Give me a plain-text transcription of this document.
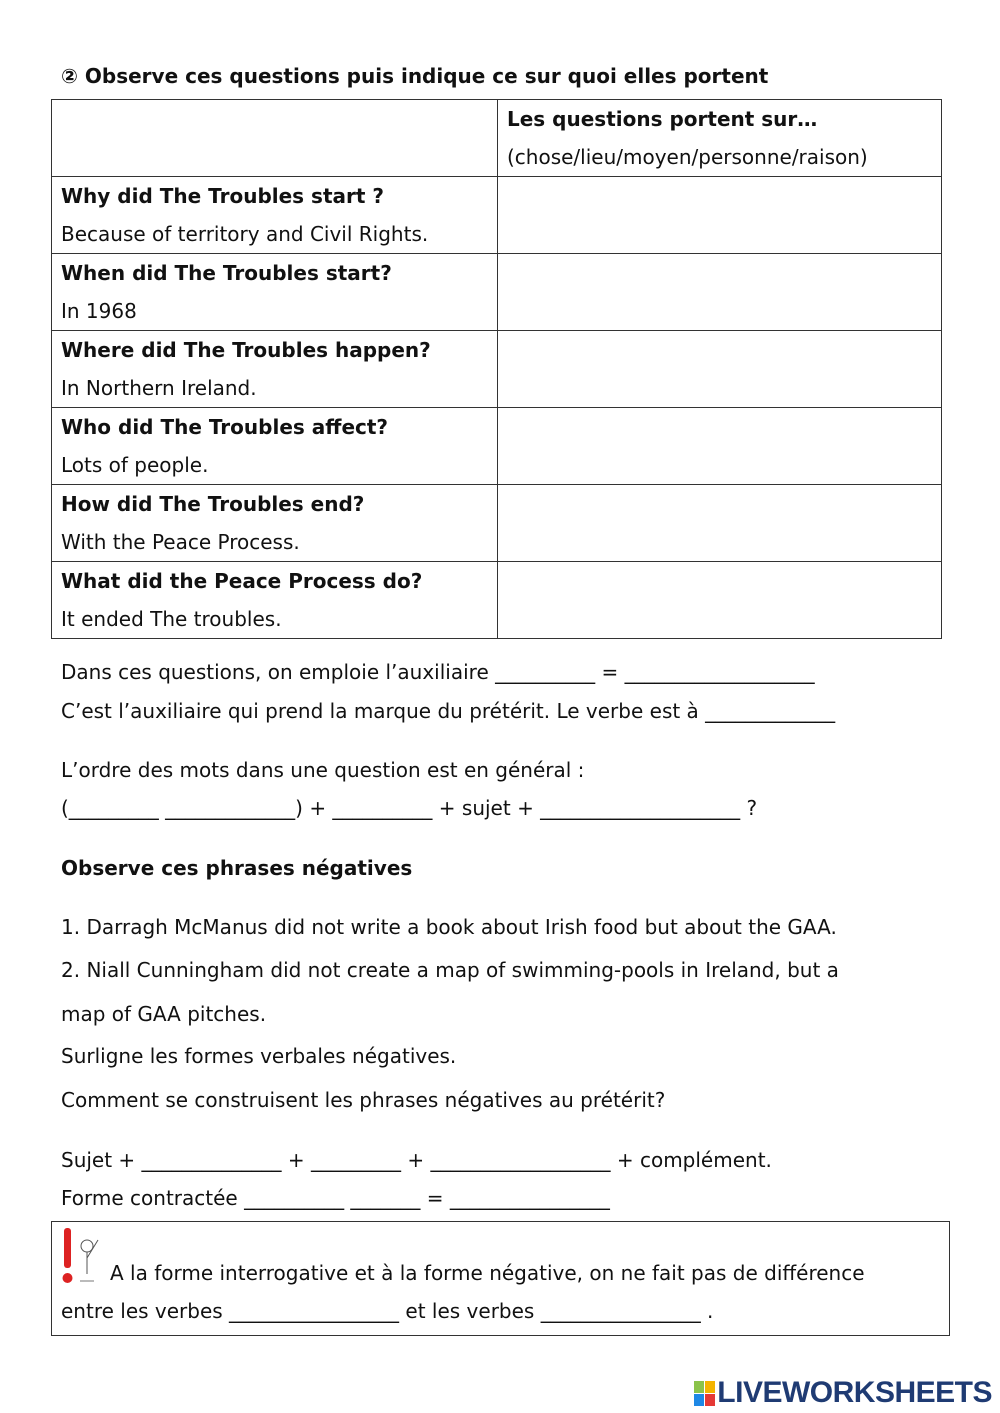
② Observe ces questions puis indique ce sur quoi elles portent

	Les questions portent sur…
(chose/lieu/moyen/personne/raison)

Why did The Troubles start ?
Because of territory and Civil Rights.	

When did The Troubles start?
In 1968	

Where did The Troubles happen?
In Northern Ireland.	

Who did The Troubles affect?
Lots of people.	

How did The Troubles end?
With the Peace Process.	

What did the Peace Process do?
It ended The troubles.	

Dans ces questions, on emploie l’auxiliaire __________ = ___________________
C’est l’auxiliaire qui prend la marque du prétérit. Le verbe est à _____________
L’ordre des mots dans une question est en général :
(_________ _____________) + __________ + sujet + ____________________ ?
Observe ces phrases négatives
1. Darragh McManus did not write a book about Irish food but about the GAA.
2. Niall Cunningham did not create a map of swimming-pools in Ireland, but a
map of GAA pitches.
Surligne les formes verbales négatives.
Comment se construisent les phrases négatives au prétérit?
Sujet + ______________ + _________ + __________________ + complément.
Forme contractée __________ _______ = ________________
A la forme interrogative et à la forme négative, on ne fait pas de différence
entre les verbes _________________ et les verbes ________________ .
LIVEWORKSHEETS
